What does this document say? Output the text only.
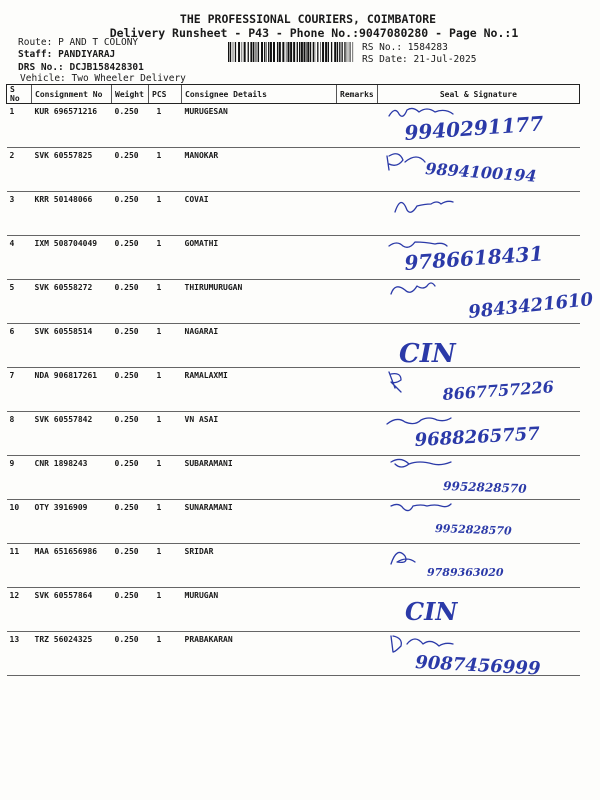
THE PROFESSIONAL COURIERS, COIMBATORE
Delivery Runsheet - P43 - Phone No.:9047080280 - Page No.:1
Route: P AND T COLONY
Staff: PANDIYARAJ
DRS No.: DCJB158428301
Vehicle: Two Wheeler Delivery
RS No.: 1584283
RS Date: 21-Jul-2025
S No	Consignment No	Weight	PCS	Consignee Details	Remarks	Seal & Signature
1	KUR 696571216	0.250	1	MURUGESAN		9940291177

2	SVK 60557825	0.250	1	MANOKAR		9894100194

3	KRR 50148066	0.250	1	COVAI		

4	IXM 508704049	0.250	1	GOMATHI		9786618431

5	SVK 60558272	0.250	1	THIRUMURUGAN		9843421610

6	SVK 60558514	0.250	1	NAGARAI		CIN

7	NDA 906817261	0.250	1	RAMALAXMI		8667757226

8	SVK 60557842	0.250	1	VN ASAI		9688265757

9	CNR 1898243	0.250	1	SUBARAMANI		9952828570

10	OTY 3916909	0.250	1	SUNARAMANI		9952828570

11	MAA 651656986	0.250	1	SRIDAR		9789363020

12	SVK 60557864	0.250	1	MURUGAN		CIN

13	TRZ 56024325	0.250	1	PRABAKARAN		9087456999
